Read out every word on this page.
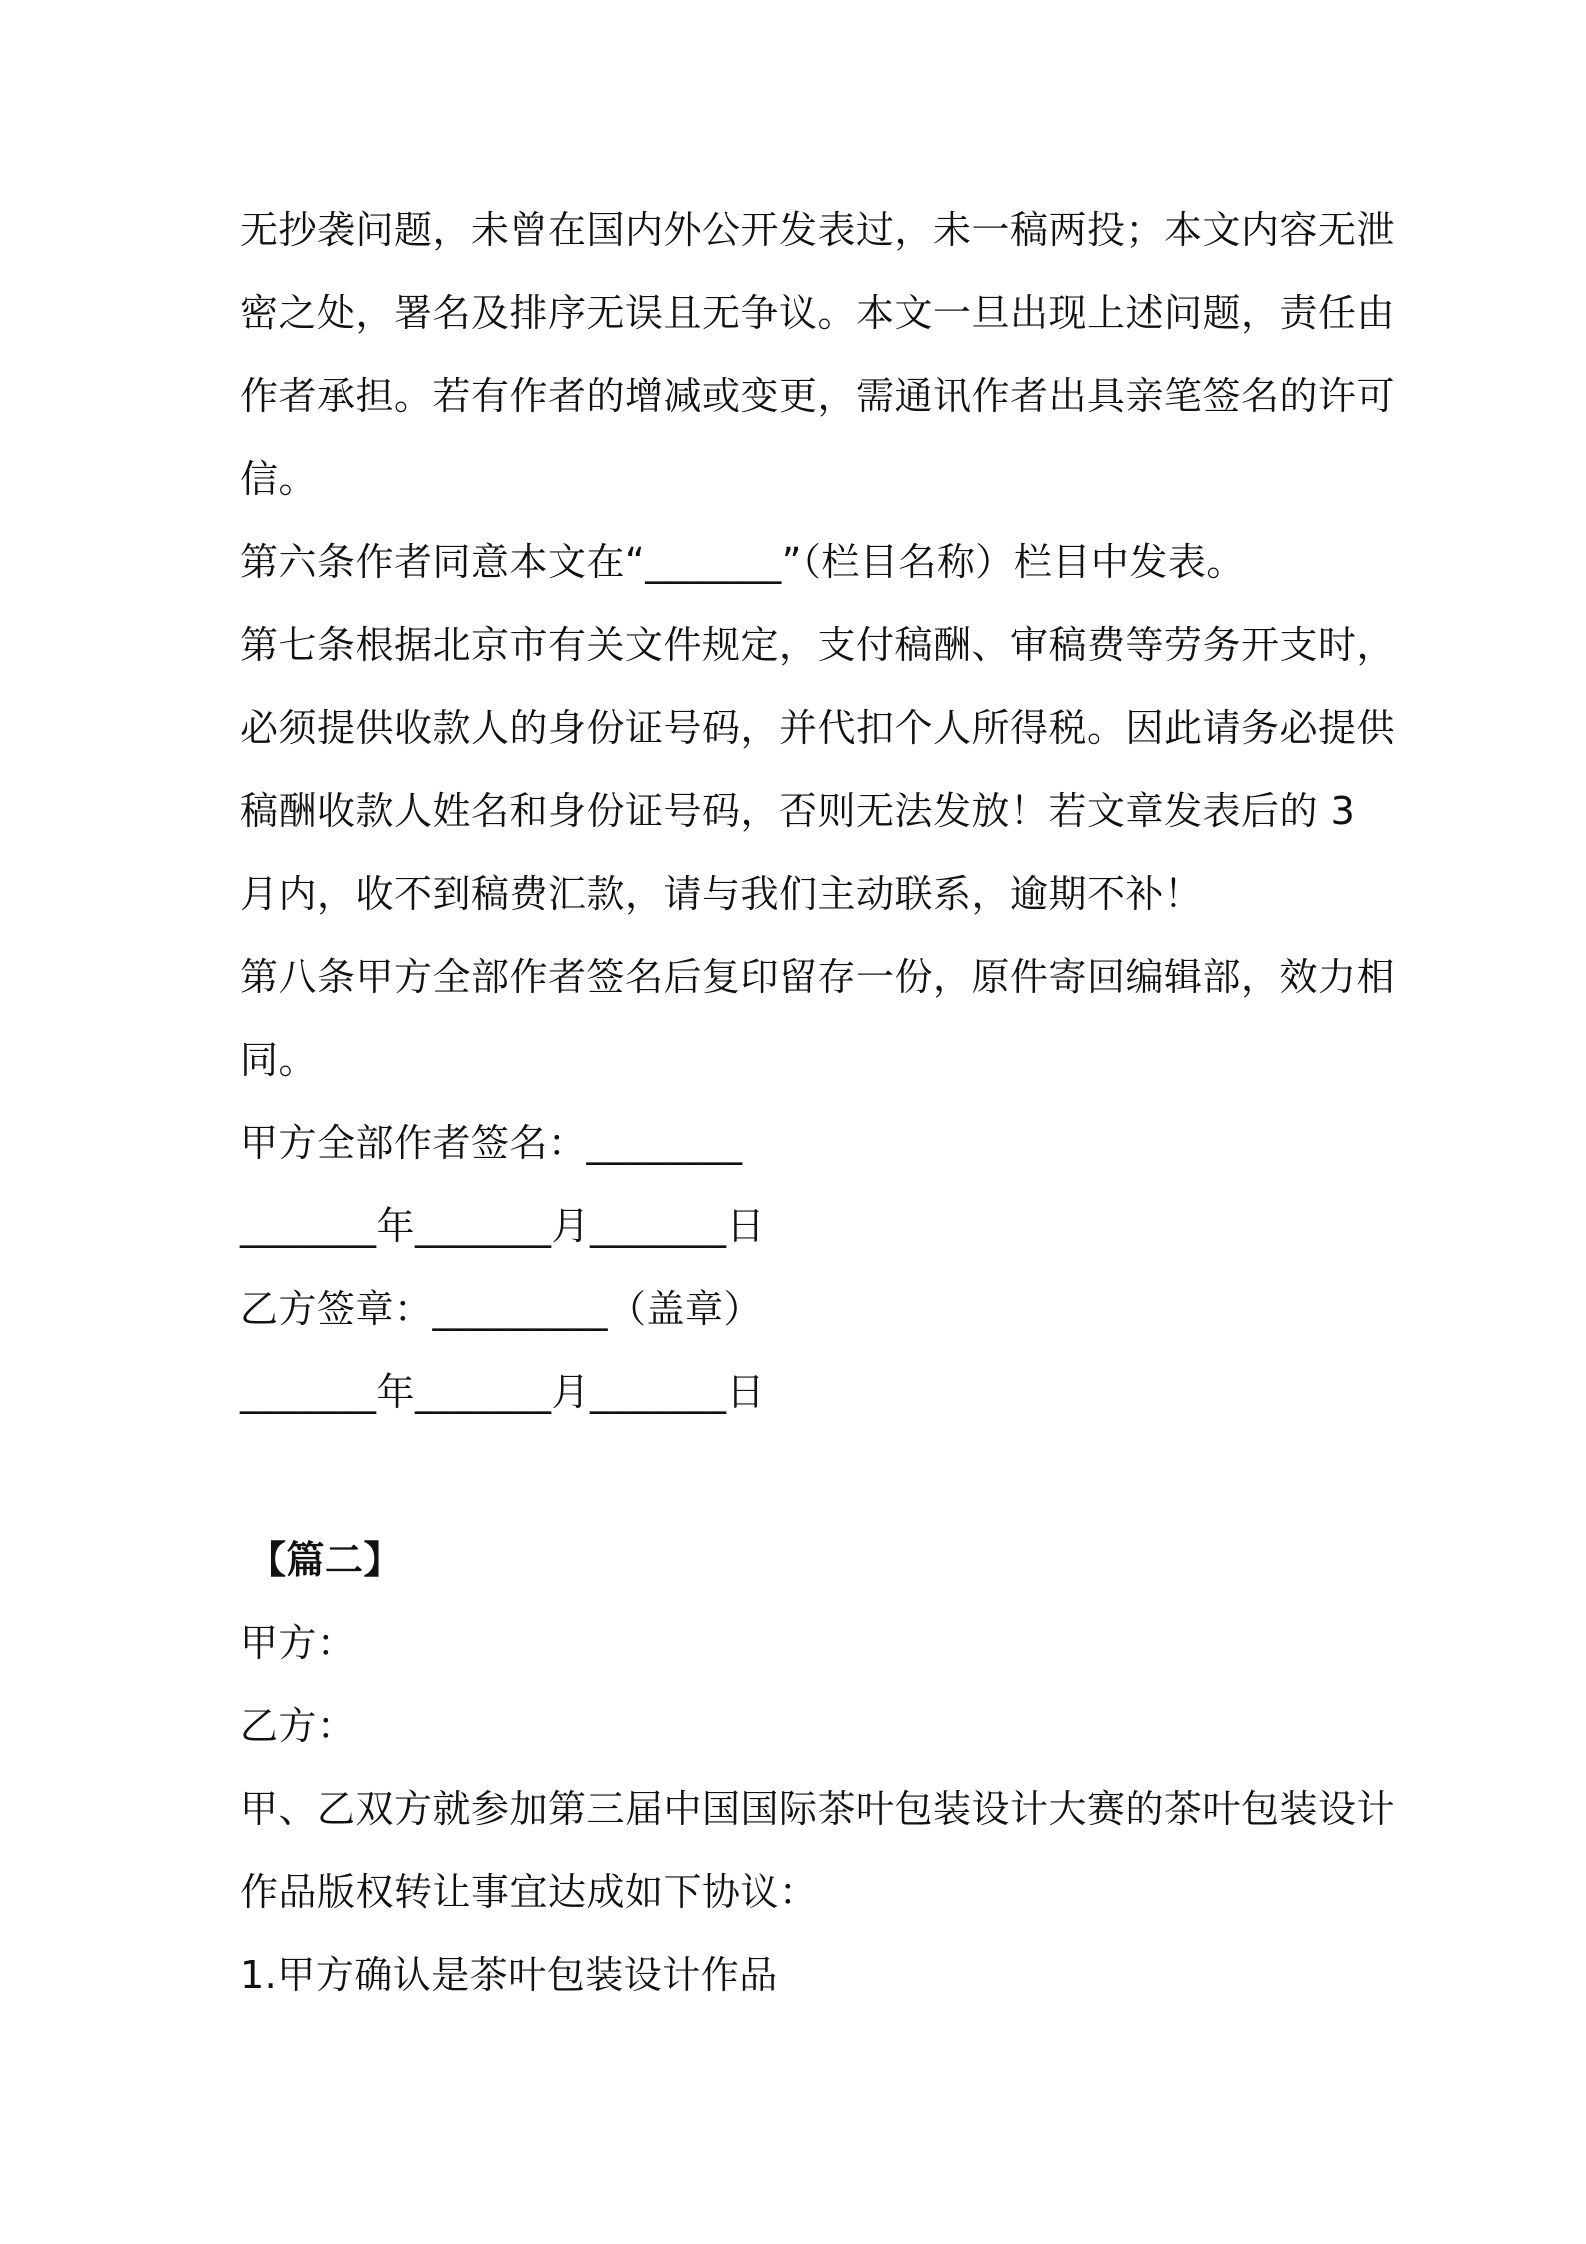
无抄袭问题，未曾在国内外公开发表过，未一稿两投；本文内容无泄

密之处，署名及排序无误且无争议。本文一旦出现上述问题，责任由

作者承担。若有作者的增减或变更，需通讯作者出具亲笔签名的许可

信。

第六条作者同意本文在“_______”（栏目名称）栏目中发表。

第七条根据北京市有关文件规定，支付稿酬、审稿费等劳务开支时，

必须提供收款人的身份证号码，并代扣个人所得税。因此请务必提供

稿酬收款人姓名和身份证号码，否则无法发放！若文章发表后的 3

月内，收不到稿费汇款，请与我们主动联系，逾期不补！

第八条甲方全部作者签名后复印留存一份，原件寄回编辑部，效力相

同。

甲方全部作者签名：________

_______年_______月_______日

乙方签章：_________（盖章）

_______年_______月_______日

【篇二】

甲方：

乙方：

甲、乙双方就参加第三届中国国际茶叶包装设计大赛的茶叶包装设计

作品版权转让事宜达成如下协议：

1.甲方确认是茶叶包装设计作品
